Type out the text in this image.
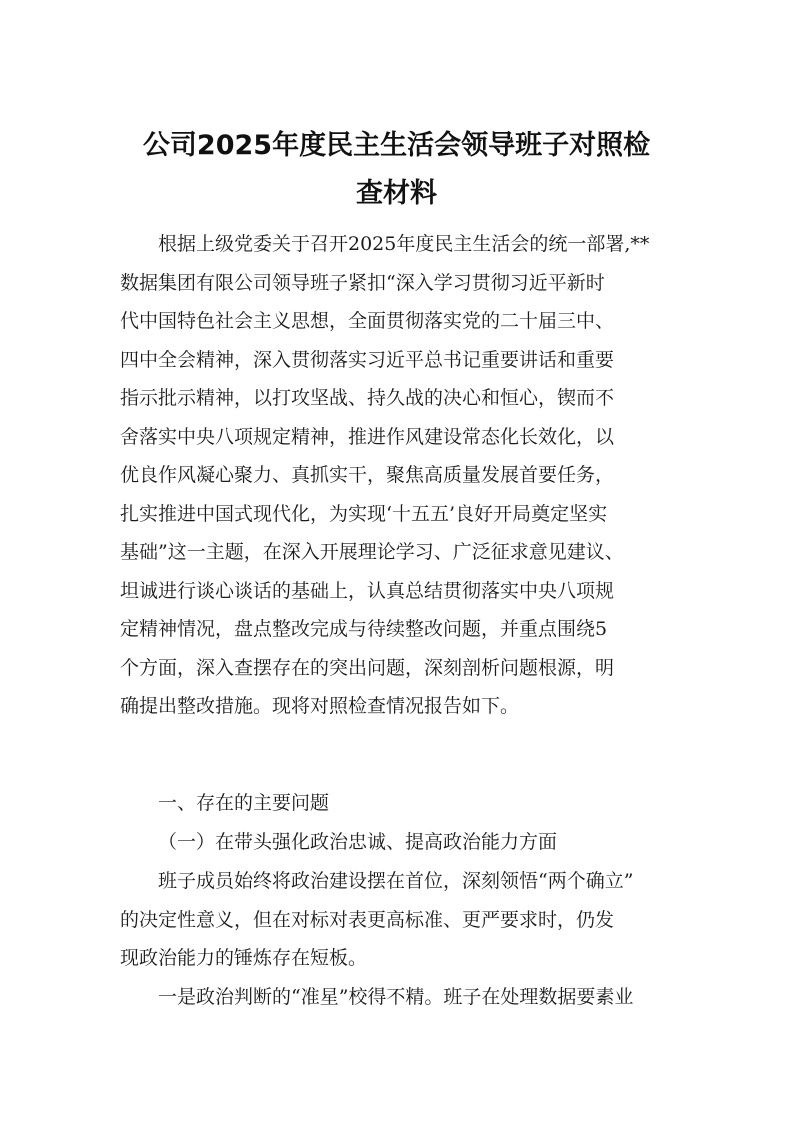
公司2025年度民主生活会领导班子对照检
查材料
根据上级党委关于召开2025年度民主生活会的统一部署,**
数据集团有限公司领导班子紧扣“深入学习贯彻习近平新时
代中国特色社会主义思想，全面贯彻落实党的二十届三中、
四中全会精神，深入贯彻落实习近平总书记重要讲话和重要
指示批示精神，以打攻坚战、持久战的决心和恒心，锲而不
舍落实中央八项规定精神，推进作风建设常态化长效化，以
优良作风凝心聚力、真抓实干，聚焦高质量发展首要任务，
扎实推进中国式现代化，为实现‘十五五’良好开局奠定坚实
基础”这一主题，在深入开展理论学习、广泛征求意见建议、
坦诚进行谈心谈话的基础上，认真总结贯彻落实中央八项规
定精神情况，盘点整改完成与待续整改问题，并重点围绕5
个方面，深入查摆存在的突出问题，深刻剖析问题根源，明
确提出整改措施。现将对照检查情况报告如下。
一、存在的主要问题
（一）在带头强化政治忠诚、提高政治能力方面
班子成员始终将政治建设摆在首位，深刻领悟“两个确立”
的决定性意义，但在对标对表更高标准、更严要求时，仍发
现政治能力的锤炼存在短板。
一是政治判断的“准星”校得不精。班子在处理数据要素业
